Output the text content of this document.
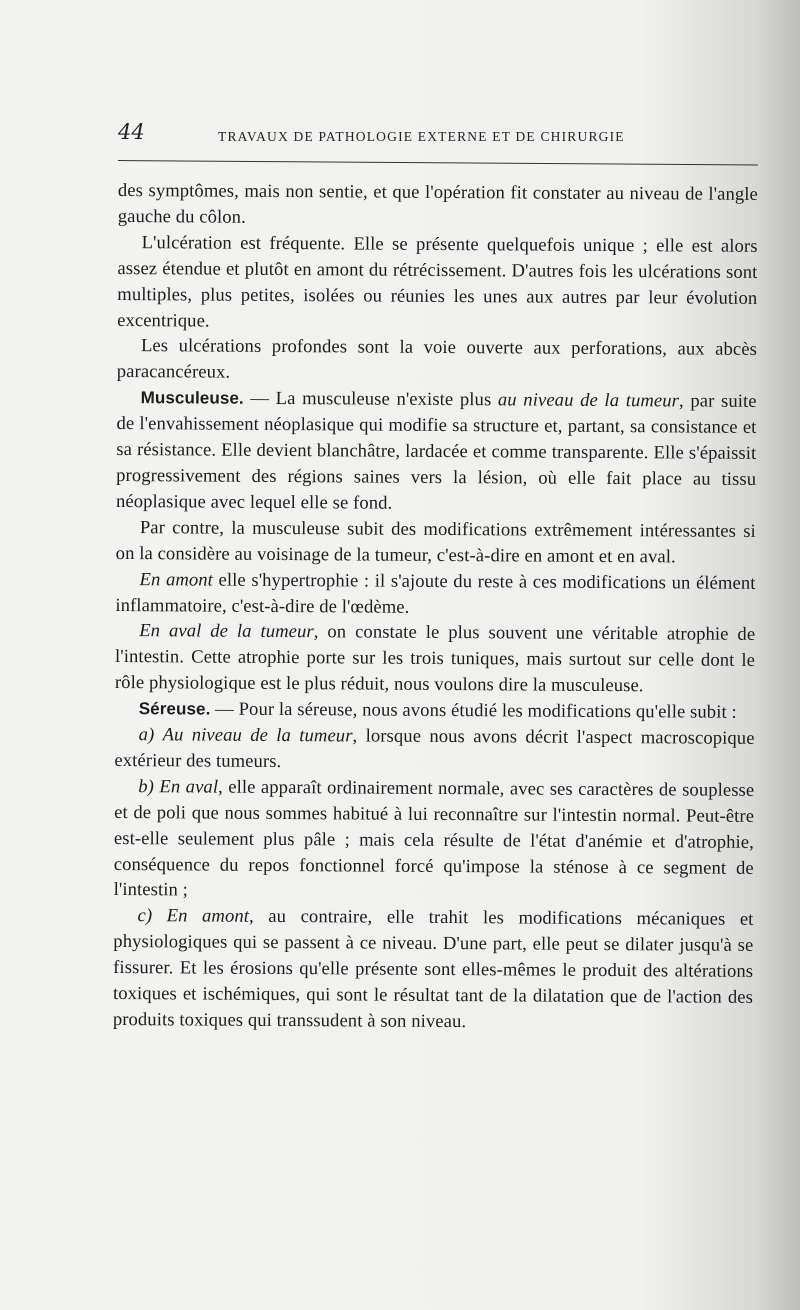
44	TRAVAUX DE PATHOLOGIE EXTERNE ET DE CHIRURGIE

des symptômes, mais non sentie, et que l'opération fit constater au niveau de l'angle gauche du côlon.

L'ulcération est fréquente. Elle se présente quelquefois unique ; elle est alors assez étendue et plutôt en amont du rétrécissement. D'autres fois les ulcérations sont multiples, plus petites, isolées ou réunies les unes aux autres par leur évolution excentrique.

Les ulcérations profondes sont la voie ouverte aux perforations, aux abcès paracancéreux.

Musculeuse. — La musculeuse n'existe plus au niveau de la tumeur, par suite de l'envahissement néoplasique qui modifie sa structure et, partant, sa consistance et sa résistance. Elle devient blanchâtre, lardacée et comme transparente. Elle s'épaissit progressivement des régions saines vers la lésion, où elle fait place au tissu néoplasique avec lequel elle se fond.

Par contre, la musculeuse subit des modifications extrêmement intéressantes si on la considère au voisinage de la tumeur, c'est-à-dire en amont et en aval.

En amont elle s'hypertrophie : il s'ajoute du reste à ces modifications un élément inflammatoire, c'est-à-dire de l'œdème.

En aval de la tumeur, on constate le plus souvent une véritable atrophie de l'intestin. Cette atrophie porte sur les trois tuniques, mais surtout sur celle dont le rôle physiologique est le plus réduit, nous voulons dire la musculeuse.

Séreuse. — Pour la séreuse, nous avons étudié les modifications qu'elle subit :

a) Au niveau de la tumeur, lorsque nous avons décrit l'aspect macroscopique extérieur des tumeurs.

b) En aval, elle apparaît ordinairement normale, avec ses caractères de souplesse et de poli que nous sommes habitué à lui reconnaître sur l'intestin normal. Peut-être est-elle seulement plus pâle ; mais cela résulte de l'état d'anémie et d'atrophie, conséquence du repos fonctionnel forcé qu'impose la sténose à ce segment de l'intestin ;

c) En amont, au contraire, elle trahit les modifications mécaniques et physiologiques qui se passent à ce niveau. D'une part, elle peut se dilater jusqu'à se fissurer. Et les érosions qu'elle présente sont elles-mêmes le produit des altérations toxiques et ischémiques, qui sont le résultat tant de la dilatation que de l'action des produits toxiques qui transsudent à son niveau.
